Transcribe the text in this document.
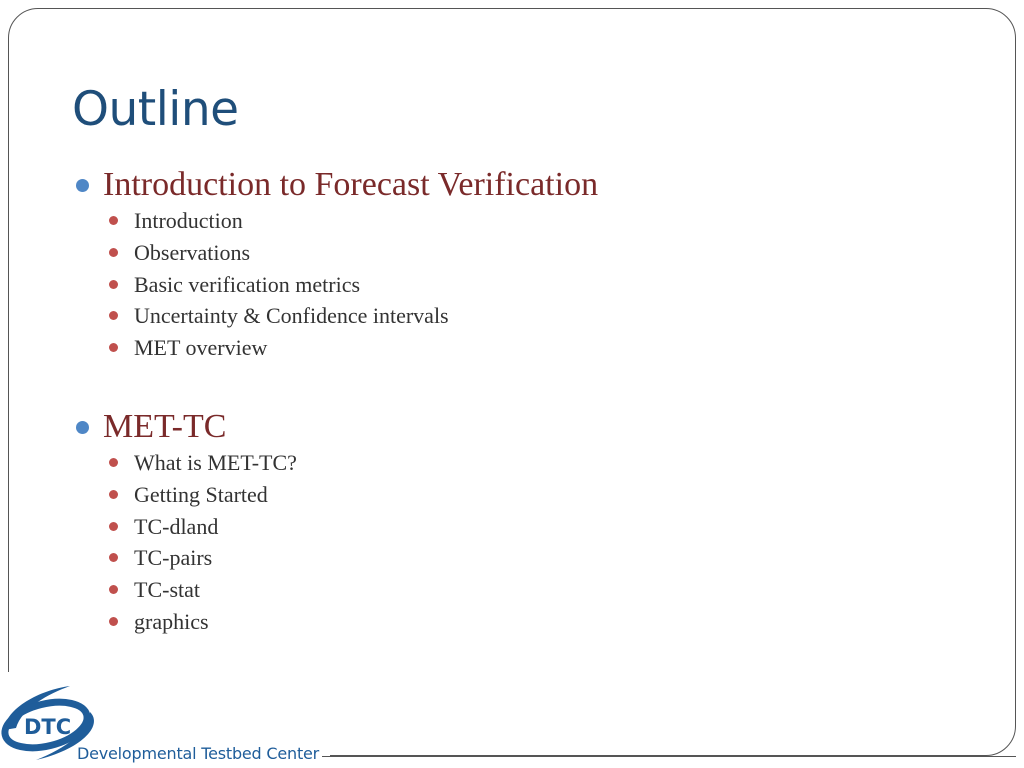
Outline
Introduction to Forecast Verification
Introduction
Observations
Basic verification metrics
Uncertainty & Confidence intervals
MET overview
MET-TC
What is MET-TC?
Getting Started
TC-dland
TC-pairs
TC-stat
graphics
DTC
Developmental Testbed Center
